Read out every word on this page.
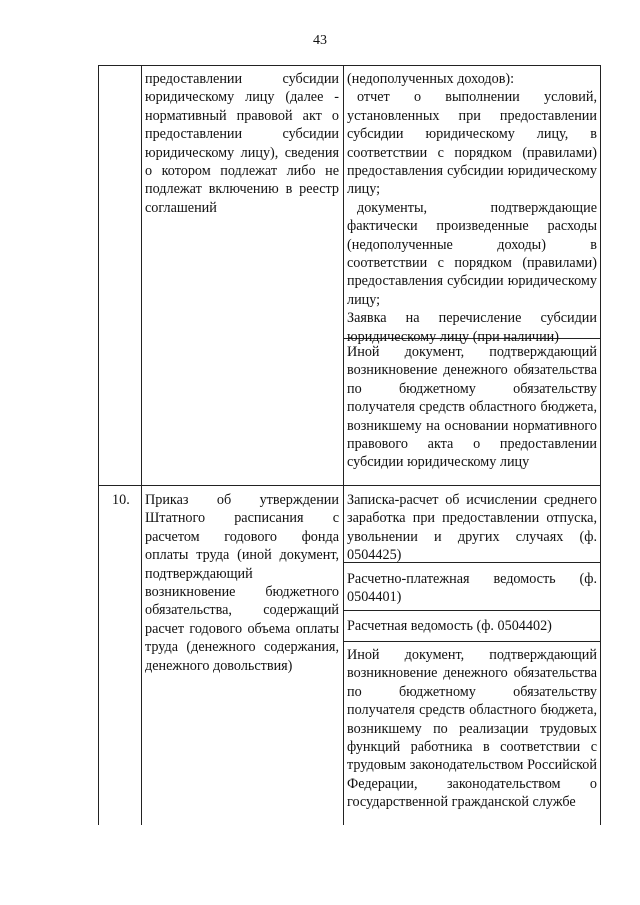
43
предоставлении субсидии юридическому лицу (далее - нормативный правовой акт о предоставлении субсидии юридическому лицу), сведения о котором подлежат либо не подлежат включению в реестр соглашений

(недополученных доходов):

отчет о выполнении условий, установленных при предоставлении субсидии юридическому лицу, в соответствии с порядком (правилами) предоставления субсидии юридическому лицу;

документы, подтверждающие фактически произведенные расходы (недополученные доходы) в соответствии с порядком (правилами) предоставления субсидии юридическому лицу;

Заявка на перечисление субсидии юридическому лицу (при наличии)

Иной документ, подтверждающий возникновение денежного обязательства по бюджетному обязательству получателя средств областного бюджета, возникшему на основании нормативного правового акта о предоставлении субсидии юридическому лицу
10.	Приказ об утверждении Штатного расписания с расчетом годового фонда оплаты труда (иной документ, подтверждающий возникновение бюджетного обязательства, содержащий расчет годового объема оплаты труда (денежного содержания, денежного довольствия)
Записка-расчет об исчислении среднего заработка при предоставлении отпуска, увольнении и других случаях (ф. 0504425)
Расчетно-платежная ведомость (ф. 0504401)
Расчетная ведомость (ф. 0504402)
Иной документ, подтверждающий возникновение денежного обязательства по бюджетному обязательству получателя средств областного бюджета, возникшему по реализации трудовых функций работника в соответствии с трудовым законодательством Российской Федерации, законодательством о государственной гражданской службе
